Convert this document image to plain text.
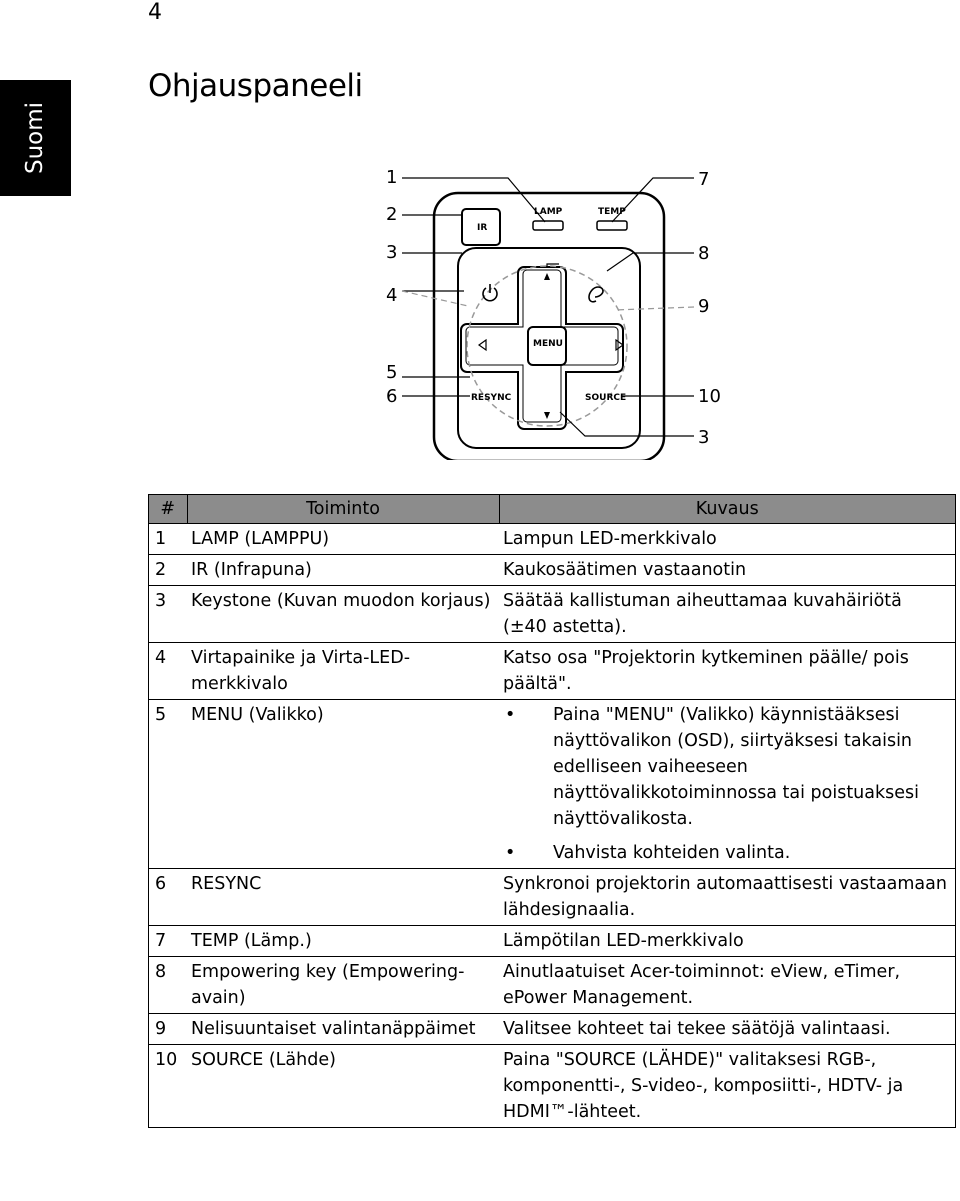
4
Suomi
Ohjauspaneeli
1
2
3
4
5
6
7
8
9
10
3
IR
LAMP	TEMP
MENU
RESYNC	SOURCE
#	Toiminto	Kuvaus
1	LAMP (LAMPPU)	Lampun LED-merkkivalo
2	IR (Infrapuna)	Kaukosäätimen vastaanotin
3	Keystone (Kuvan muodon korjaus)	Säätää kallistuman aiheuttamaa kuvahäiriötä (±40 astetta).
4	Virtapainike ja Virta-LED-merkkivalo	Katso osa "Projektorin kytkeminen päälle/ pois päältä".
5	MENU (Valikko)	• Paina "MENU" (Valikko) käynnistääksesi näyttövalikon (OSD), siirtyäksesi takaisin edelliseen vaiheeseen näyttövalikkotoiminnossa tai poistuaksesi näyttövalikosta.
• Vahvista kohteiden valinta.

6	RESYNC	Synkronoi projektorin automaattisesti vastaamaan lähdesignaalia.
7	TEMP (Lämp.)	Lämpötilan LED-merkkivalo
8	Empowering key (Empowering-avain)	Ainutlaatuiset Acer-toiminnot: eView, eTimer, ePower Management.
9	Nelisuuntaiset valintanäppäimet	Valitsee kohteet tai tekee säätöjä valintaasi.
10	SOURCE (Lähde)	Paina "SOURCE (LÄHDE)" valitaksesi RGB-, komponentti-, S-video-, komposiitti-, HDTV- ja HDMI™-lähteet.
